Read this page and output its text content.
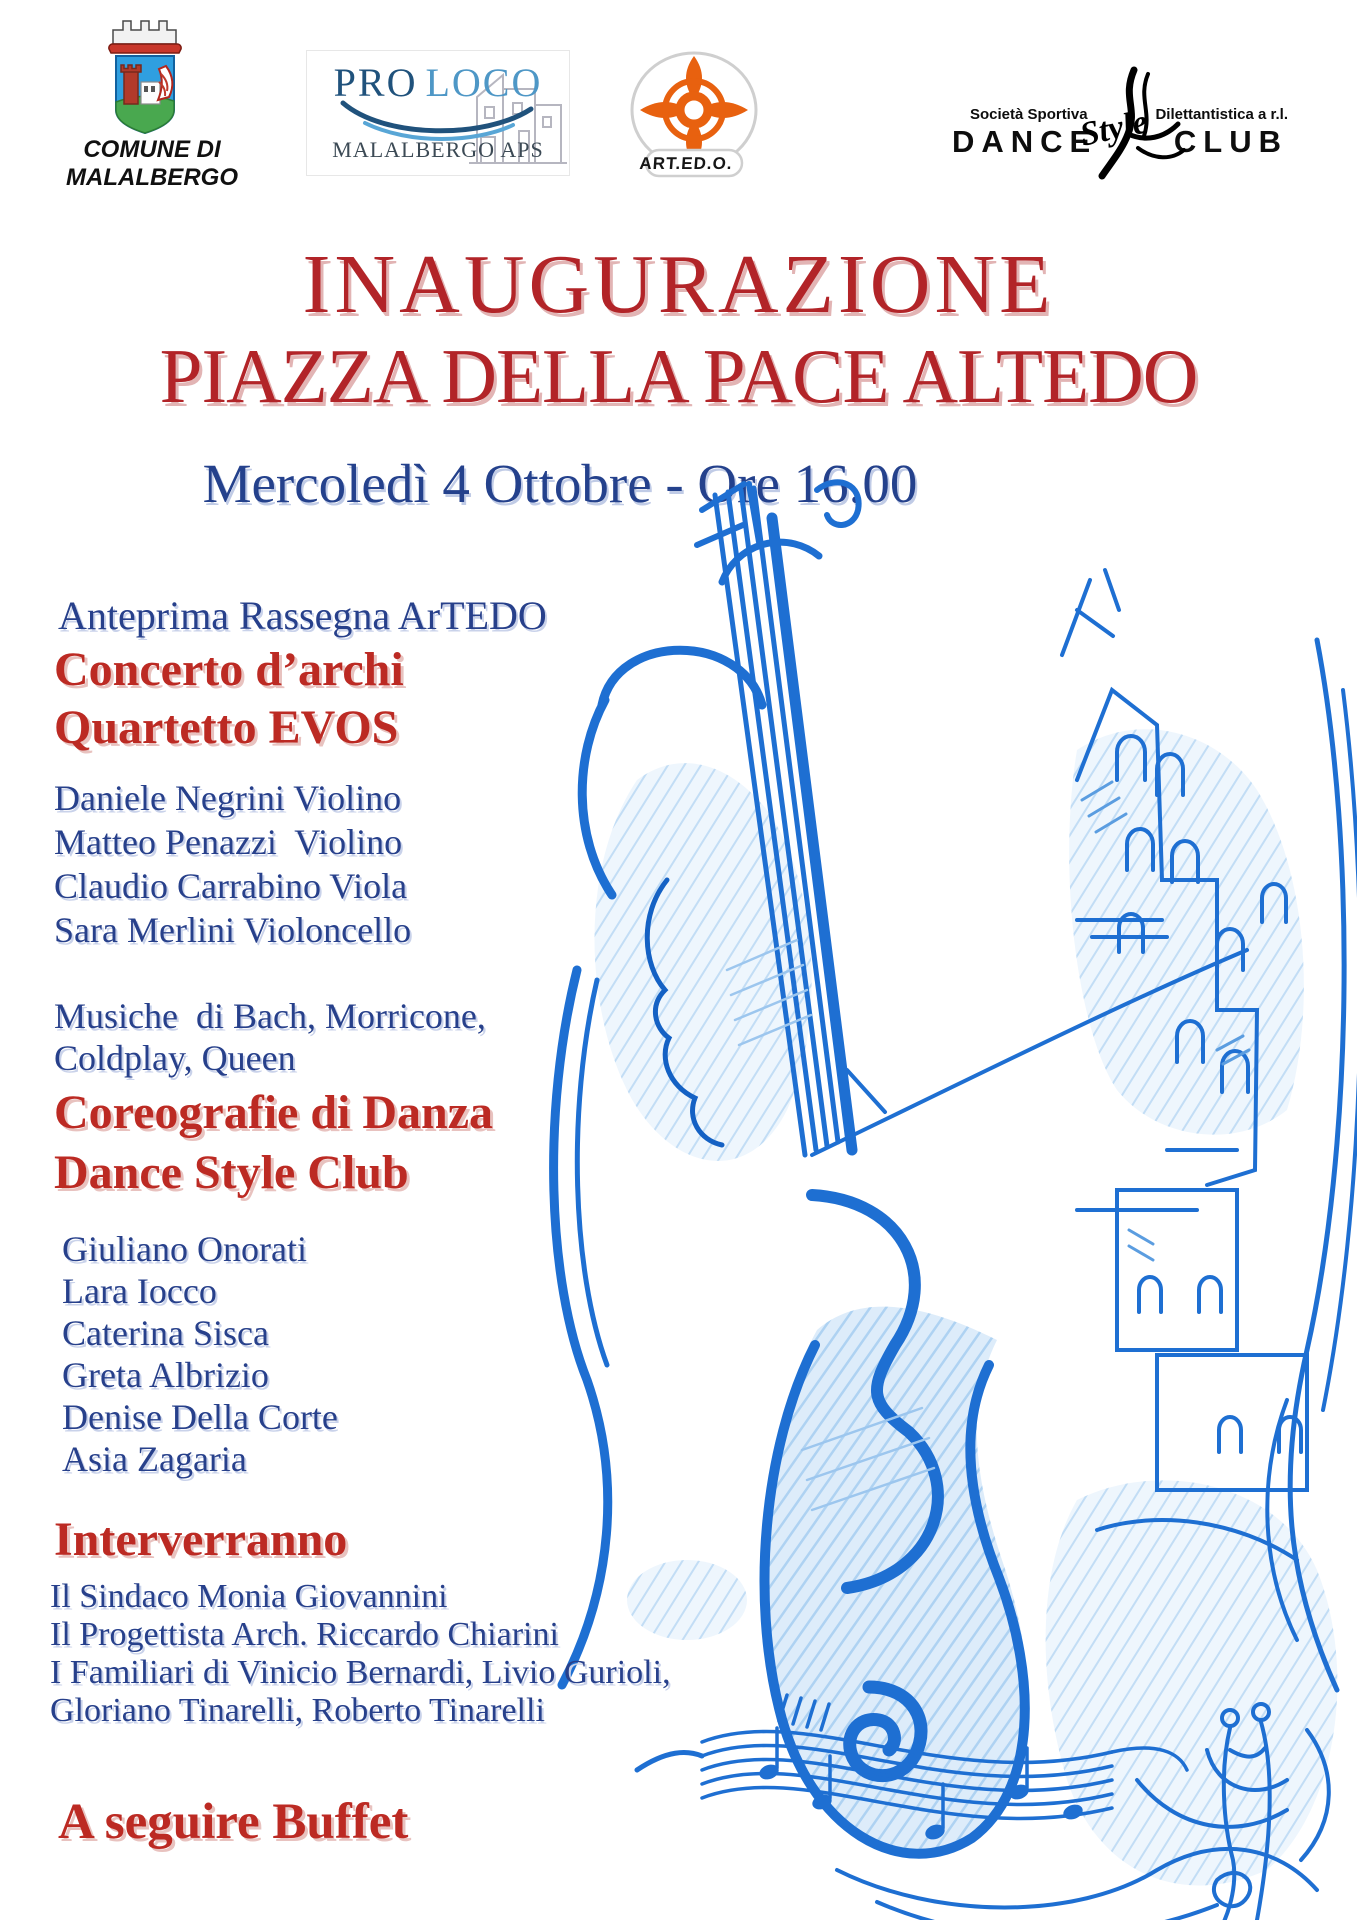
COMUNE DI MALALBERGO
PRO LOCO
MALALBERGO APS
ART.ED.O.
Società Sportiva	Dilettantistica a r.l.
DANCE CLUB
Style
INAUGURAZIONE
PIAZZA DELLA PACE ALTEDO
Mercoledì 4 Ottobre - Ore 16.00
Anteprima Rassegna ArTEDO
Concerto d’archi
Quartetto EVOS
Daniele Negrini Violino
Matteo Penazzi  Violino
Claudio Carrabino Viola
Sara Merlini Violoncello
Musiche  di Bach, Morricone,
Coldplay, Queen
Coreografie di Danza
Dance Style Club
Giuliano Onorati
Lara Iocco
Caterina Sisca
Greta Albrizio
Denise Della Corte
Asia Zagaria
Interverranno
Il Sindaco Monia Giovannini
Il Progettista Arch. Riccardo Chiarini
I Familiari di Vinicio Bernardi, Livio Gurioli,
Gloriano Tinarelli, Roberto Tinarelli
A seguire Buffet
